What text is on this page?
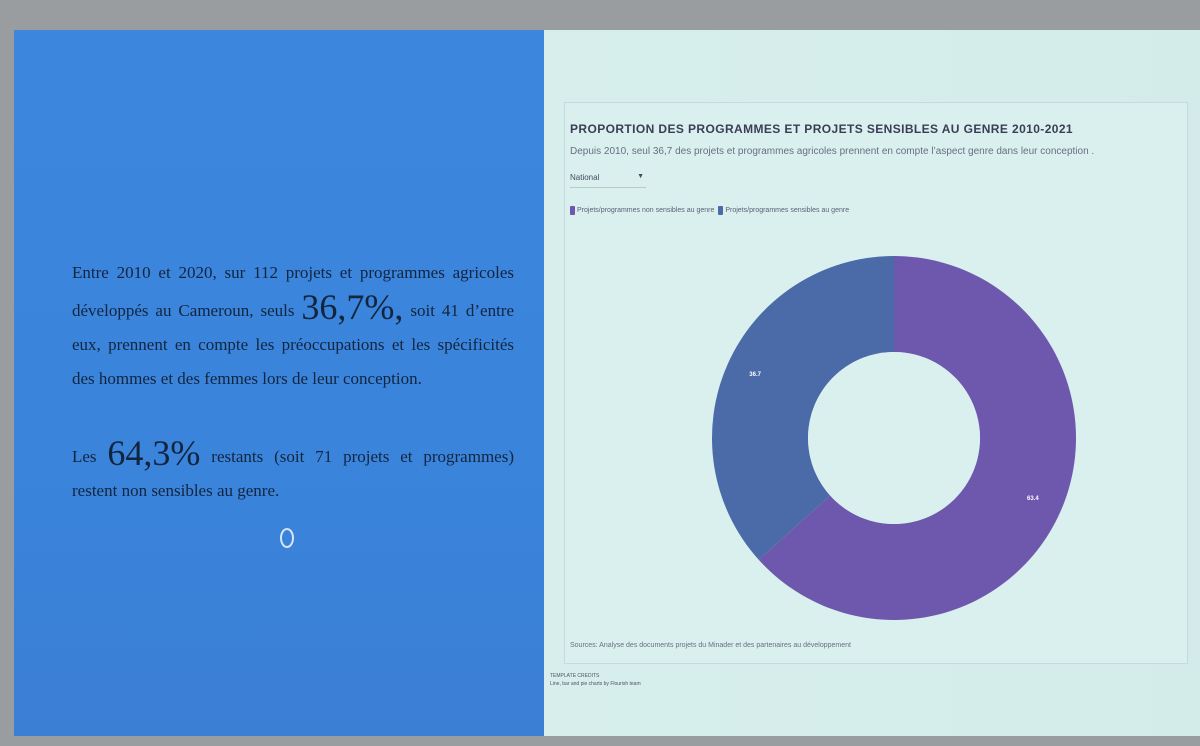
Entre 2010 et 2020, sur 112 projets et programmes agricoles développés au Cameroun, seuls 36,7%, soit 41 d’entre eux, prennent en compte les préoccupations et les spécificités des hommes et des femmes lors de leur conception.
Les 64,3% restants (soit 71 projets et programmes) restent non sensibles au genre.
PROPORTION DES PROGRAMMES ET PROJETS SENSIBLES AU GENRE 2010-2021
Depuis 2010, seul 36,7 des projets et programmes agricoles prennent en compte l’aspect genre dans leur conception .
National	▼
Projets/programmes non sensibles au genre Projets/programmes sensibles au genre
63.4
36.7
Sources: Analyse des documents projets du Minader et des partenaires au développement
TEMPLATE CREDITS
Line, bar and pie charts by Flourish team
